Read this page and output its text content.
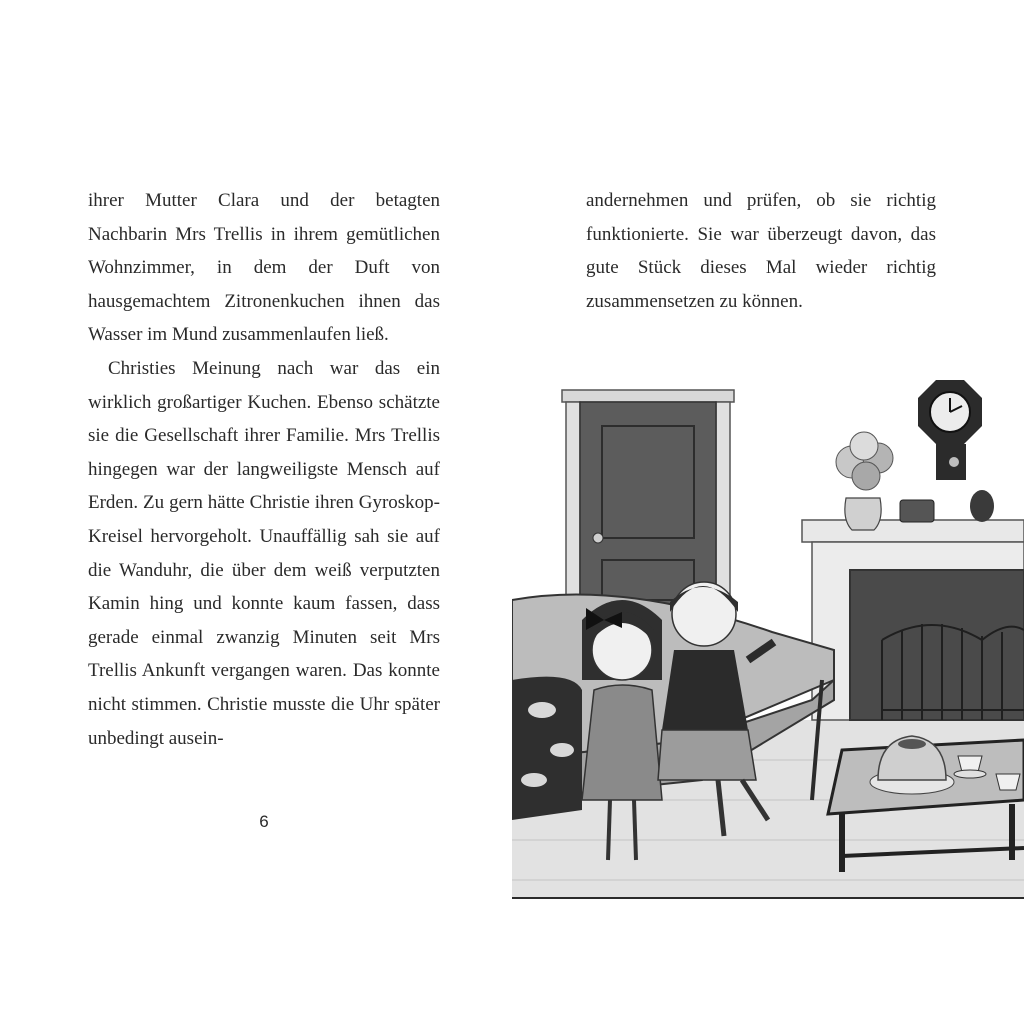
ihrer Mutter Clara und der betagten Nachbarin Mrs Trellis in ihrem gemütlichen Wohnzimmer, in dem der Duft von hausgemachtem Zitronenkuchen ihnen das Wasser im Mund zusammenlaufen ließ.

Christies Meinung nach war das ein wirklich großartiger Kuchen. Ebenso schätzte sie die Gesellschaft ihrer Familie. Mrs Trellis hingegen war der langweiligste Mensch auf Erden. Zu gern hätte Christie ihren Gyroskop-Kreisel hervorgeholt. Unauffällig sah sie auf die Wanduhr, die über dem weiß verputzten Kamin hing und konnte kaum fassen, dass gerade einmal zwanzig Minuten seit Mrs Trellis Ankunft vergangen waren. Das konnte nicht stimmen. Christie musste die Uhr später unbedingt ausein-

6

andernehmen und prüfen, ob sie richtig funktionierte. Sie war überzeugt davon, das gute Stück dieses Mal wieder richtig zusammensetzen zu können.
